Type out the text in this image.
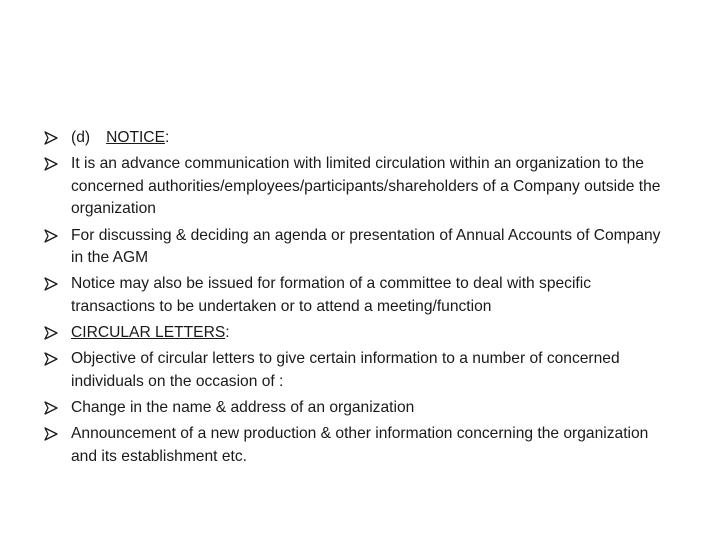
(d) NOTICE:
It is an advance communication with limited circulation within an organization to the concerned authorities/employees/participants/shareholders of a Company outside the organization
For discussing & deciding an agenda or presentation of Annual Accounts of Company in the AGM
Notice may also be issued for formation of a committee to deal with specific transactions to be undertaken or to attend a meeting/function
CIRCULAR LETTERS:
Objective of circular letters to give certain information to a number of concerned individuals on the occasion of :
Change in the name & address of an organization
Announcement of a new production & other information concerning the organization and its establishment etc.
